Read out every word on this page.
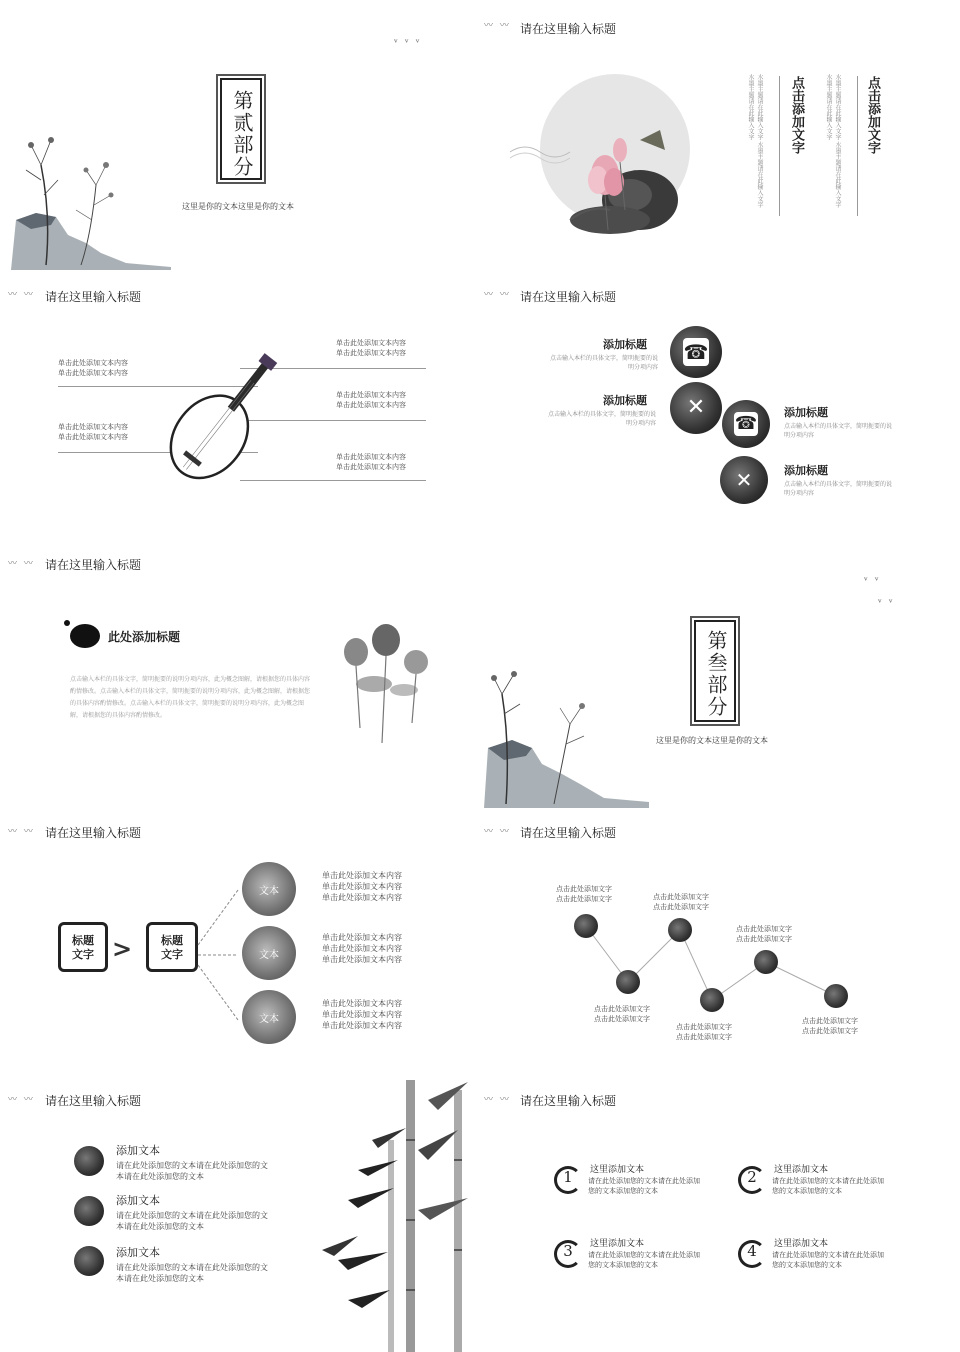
第贰部分
这里是你的文本这里是你的文本
〰 〰 请在这里输入标题
ᵛ ᵛ ᵛ
点击添加文字
水墨主题请在此输入文字 水墨主题请在此输入文字 水墨主题请在此输入文字	点击添加文字
水墨主题请在此输入文字 水墨主题请在此输入文字 水墨主题请在此输入文字
〰 〰 请在这里输入标题
单击此处添加文本内容
单击此处添加文本内容
单击此处添加文本内容
单击此处添加文本内容
单击此处添加文本内容
单击此处添加文本内容
单击此处添加文本内容
单击此处添加文本内容
单击此处添加文本内容
单击此处添加文本内容
〰 〰 请在这里输入标题
☎
✕
☎
✕
添加标题
点击输入本栏的具体文字，简明扼要的说明分项内容
添加标题
点击输入本栏的具体文字，简明扼要的说明分项内容
添加标题
点击输入本栏的具体文字，简明扼要的说明分项内容
添加标题
点击输入本栏的具体文字，简明扼要的说明分项内容
〰 〰 请在这里输入标题
此处添加标题
点击输入本栏的具体文字，简明扼要的说明分项内容，此为概念图解，请根据您的具体内容酌情修改。点击输入本栏的具体文字，简明扼要的说明分项内容，此为概念图解，请根据您的具体内容酌情修改。点击输入本栏的具体文字，简明扼要的说明分项内容，此为概念图解，请根据您的具体内容酌情修改。
ᵛ ᵛ
ᵛ ᵛ
第叁部分
这里是你的文本这里是你的文本
〰 〰 请在这里输入标题
标题
文字 >	标题
文字
文本
文本
文本
单击此处添加文本内容
单击此处添加文本内容
单击此处添加文本内容
单击此处添加文本内容
单击此处添加文本内容
单击此处添加文本内容
单击此处添加文本内容
单击此处添加文本内容
单击此处添加文本内容
〰 〰 请在这里输入标题
点击此处添加文字
点击此处添加文字
点击此处添加文字
点击此处添加文字
点击此处添加文字
点击此处添加文字
点击此处添加文字
点击此处添加文字
点击此处添加文字
点击此处添加文字
点击此处添加文字
点击此处添加文字
〰 〰 请在这里输入标题
添加文本
请在此处添加您的文本请在此处添加您的文本请在此处添加您的文本
添加文本
请在此处添加您的文本请在此处添加您的文本请在此处添加您的文本
添加文本
请在此处添加您的文本请在此处添加您的文本请在此处添加您的文本
〰 〰 请在这里输入标题
1	这里添加文本
请在此处添加您的文本请在此处添加您的文本添加您的文本
2	这里添加文本
请在此处添加您的文本请在此处添加您的文本添加您的文本
3	这里添加文本
请在此处添加您的文本请在此处添加您的文本添加您的文本
4	这里添加文本
请在此处添加您的文本请在此处添加您的文本添加您的文本
